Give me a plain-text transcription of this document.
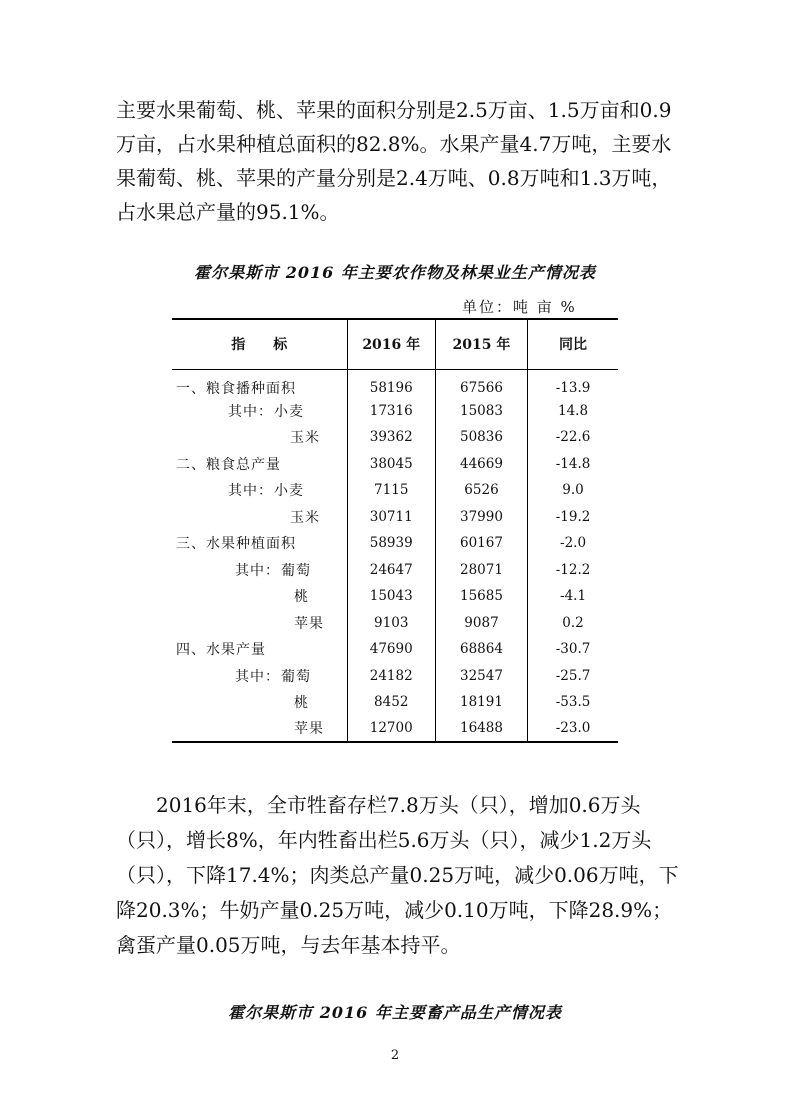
主要水果葡萄、桃、苹果的面积分别是2.5万亩、1.5万亩和0.9万亩，占水果种植总面积的82.8%。水果产量4.7万吨，主要水果葡萄、桃、苹果的产量分别是2.4万吨、0.8万吨和1.3万吨，占水果总产量的95.1%。

霍尔果斯市 2016 年主要农作物及林果业生产情况表
单位：吨 亩 %
指　　标	2016 年	2015 年	同比
一、粮食播种面积	58196	67566	-13.9
其中：小麦	17316	15083	14.8
玉米	39362	50836	-22.6
二、粮食总产量	38045	44669	-14.8
其中：小麦	7115	6526	9.0
玉米	30711	37990	-19.2
三、水果种植面积	58939	60167	-2.0
其中：葡萄	24647	28071	-12.2
桃	15043	15685	-4.1
苹果	9103	9087	0.2
四、水果产量	47690	68864	-30.7
其中：葡萄	24182	32547	-25.7
桃	8452	18191	-53.5
苹果	12700	16488	-23.0

2016年末，全市牲畜存栏7.8万头（只），增加0.6万头（只），增长8%，年内牲畜出栏5.6万头（只），减少1.2万头（只），下降17.4%；肉类总产量0.25万吨，减少0.06万吨，下降20.3%；牛奶产量0.25万吨，减少0.10万吨，下降28.9%；禽蛋产量0.05万吨，与去年基本持平。

霍尔果斯市 2016 年主要畜产品生产情况表
2
